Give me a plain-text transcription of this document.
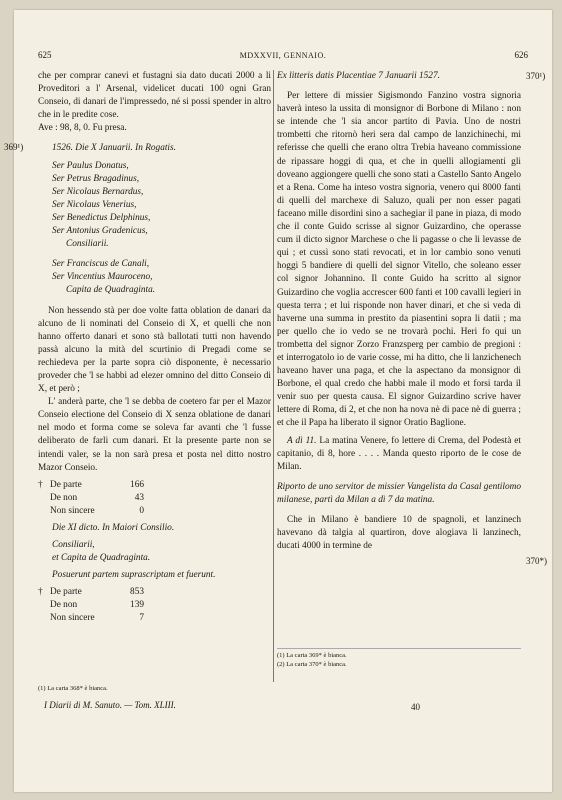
625	MDXXVII, GENNAIO.	626

che per comprar canevi et fustagni sia dato ducati 2000 a li Proveditori a l' Arsenal, videlicet ducati 100 ogni Gran Conseio, di danari de l'impressedo, né si possi spender in altro che in le predite cose.

Ave : 98, 8, 0. Fu presa.

1526. Die X Januarii. In Rogatis.

Ser Paulus Donatus,
Ser Petrus Bragadinus,
Ser Nicolaus Bernardus,
Ser Nicolaus Venerius,
Ser Benedictus Delphinus,
Ser Antonius Gradenicus,
Consiliarii.
Ser Franciscus de Canali,
Ser Vincentius Mauroceno,
Capita de Quadraginta.

Non hessendo stà per doe volte fatta oblation de danari da alcuno de li nominati del Conseio di X, et quelli che non hanno offerto danari et sono stà ballotati tutti non havendo passà alcuno la mità del scurtinio di Pregadi come se rechiedeva per la parte sopra ciò disponente, è necessario proveder che 'l se habbi ad elezer omnino del ditto Conseio di X, et però ;

L' anderà parte, che 'l se debba de coetero far per el Mazor Conseio electione del Conseio di X senza oblatione de danari nel modo et forma come se soleva far avanti che 'l fusse deliberato de farli cum danari. Et la presente parte non se intendi valer, se la non sarà presa et posta nel ditto nostro Mazor Conseio.

† De parte	166
De non	43
Non sincere	0

Die XI dicto. In Maiori Consilio.

Consiliarii,
et Capita de Quadraginta.

Posuerunt partem suprascriptam et fuerunt.

† De parte	853
De non	139
Non sincere	7
369¹)
(1) La carta 368* è bianca.
I Diarii di M. Sanuto. — Tom. XLIII.

Ex litteris datis Placentiae 7 Januarii 1527.

Per lettere di missier Sigismondo Fanzino vostra signoria haverà inteso la ussita di monsignor di Borbone di Milano : non se intende che 'l sia ancor partito di Pavia. Uno de nostri trombetti che ritornò heri sera dal campo de lanzichinechi, mi referisse che quelli che erano oltra Trebia haveano commissione de ripassare hoggi di qua, et che in quelli allogiamenti gli doveano aggiongere quelli che sono stati a Castello Santo Angelo et a Rena. Come ha inteso vostra signoria, venero qui 8000 fanti di quelli del marchexe di Saluzo, quali per non esser pagati faceano mille disordini sino a sachegiar il pane in piaza, di modo che il conte Guido scrisse al signor Guizardino, che operasse cum il dicto signor Marchese o che li pagasse o che li levasse de qui ; et cussì sono stati revocati, et in lor cambio sono venuti hoggi 5 bandiere di quelli del signor Vitello, che soleano esser col signor Johannino. Il conte Guido ha scritto al signor Guizardino che voglia accrescer 600 fanti et 100 cavalli legieri in questa terra ; et lui risponde non haver dinari, et che si veda di haverne una summa in prestito da piasentini sopra li datii ; ma per quello che io vedo se ne trovarà pochi. Heri fo qui un trombetta del signor Zorzo Franzsperg per cambio de pregioni : et interrogatolo io de varie cosse, mi ha ditto, che li lanzichenech haveano haver una paga, et che la aspectano da monsignor di Borbone, el qual credo che habbi male il modo et forsi tarda il venir suo per questa causa. El signor Guizardino scrive haver lettere di Roma, di 2, et che non ha nova nè di pace nè di guerra ; et che il Papa ha liberato il signor Oratio Baglione.

A dì 11. La matina Venere, fo lettere di Crema, del Podestà et capitanio, di 8, hore . . . . Manda questo riporto de le cose de Milan.

Riporto de uno servitor de missier Vangelista da Casal gentilomo milanese, partì da Milan a dì 7 da matina.

Che in Milano è bandiere 10 de spagnoli, et lanzinech havevano dà talgia al quartiron, dove alogiava li lanzinech, ducati 4000 in termine de

370¹)
370*)
(1) La carta 369* è bianca.
(2) La carta 370* è bianca.
40
